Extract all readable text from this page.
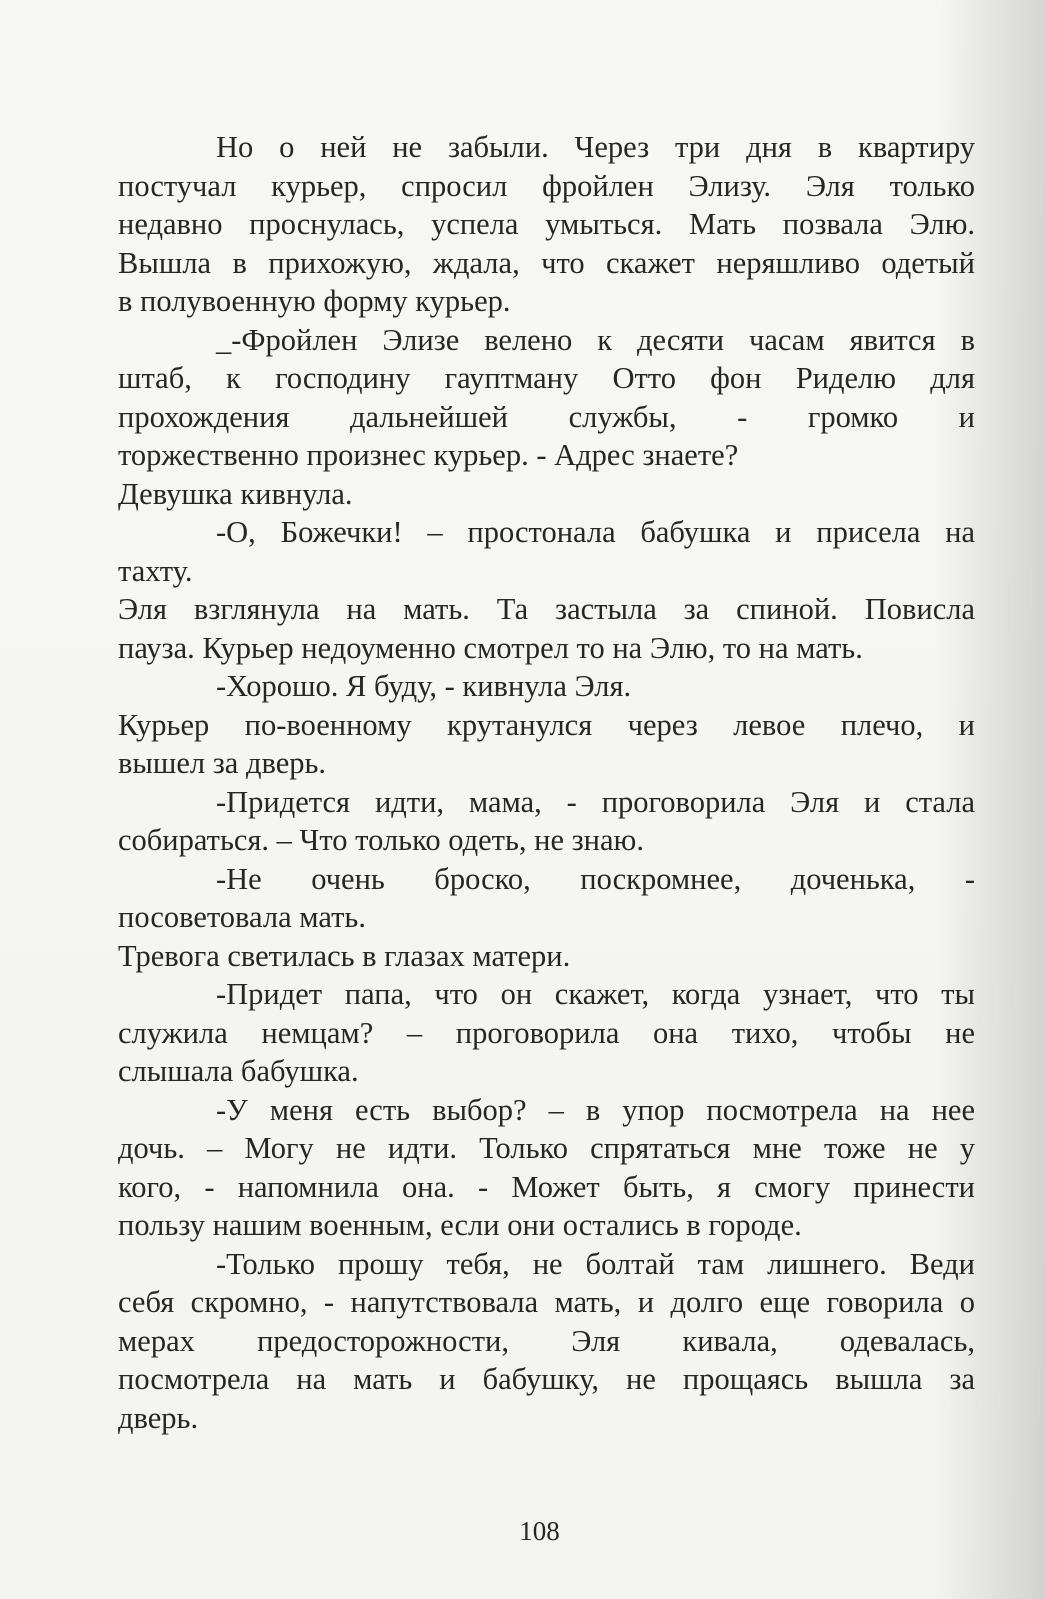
Но о ней не забыли. Через три дня в квартиру
постучал курьер, спросил фройлен Элизу. Эля только
недавно проснулась, успела умыться. Мать позвала Элю.
Вышла в прихожую, ждала, что скажет неряшливо одетый
в полувоенную форму курьер.
_-Фройлен Элизе велено к десяти часам явится в
штаб, к господину гауптману Отто фон Риделю для
прохождения дальнейшей службы, - громко и
торжественно произнес курьер. - Адрес знаете?
Девушка кивнула.
-О, Божечки! – простонала бабушка и присела на
тахту.
Эля взглянула на мать. Та застыла за спиной. Повисла
пауза. Курьер недоуменно смотрел то на Элю, то на мать.
-Хорошо. Я буду, - кивнула Эля.
Курьер по-военному крутанулся через левое плечо, и
вышел за дверь.
-Придется идти, мама, - проговорила Эля и стала
собираться. – Что только одеть, не знаю.
-Не очень броско, поскромнее, доченька, -
посоветовала мать.
Тревога светилась в глазах матери.
-Придет папа, что он скажет, когда узнает, что ты
служила немцам? – проговорила она тихо, чтобы не
слышала бабушка.
-У меня есть выбор? – в упор посмотрела на нее
дочь. – Могу не идти. Только спрятаться мне тоже не у
кого, - напомнила она. - Может быть, я смогу принести
пользу нашим военным, если они остались в городе.
-Только прошу тебя, не болтай там лишнего. Веди
себя скромно, - напутствовала мать, и долго еще говорила о
мерах предосторожности, Эля кивала, одевалась,
посмотрела на мать и бабушку, не прощаясь вышла за
дверь.
108
